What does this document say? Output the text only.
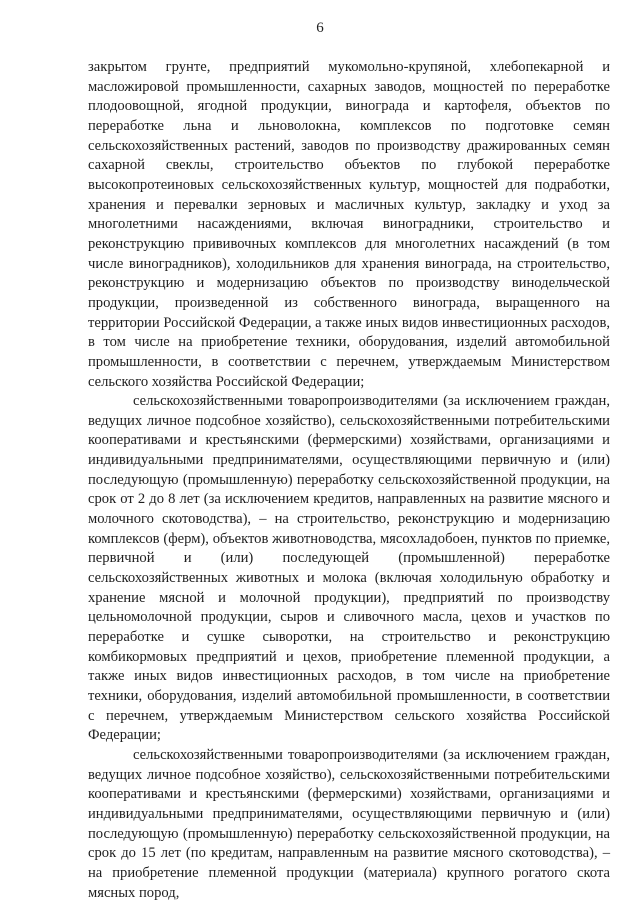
6

закрытом грунте, предприятий мукомольно-крупяной, хлебопекарной и масложировой промышленности, сахарных заводов, мощностей по переработке плодоовощной, ягодной продукции, винограда и картофеля, объектов по переработке льна и льноволокна, комплексов по подготовке семян сельскохозяйственных растений, заводов по производству дражированных семян сахарной свеклы, строительство объектов по глубокой переработке высокопротеиновых сельскохозяйственных культур, мощностей для подработки, хранения и перевалки зерновых и масличных культур, закладку и уход за многолетними насаждениями, включая виноградники, строительство и реконструкцию прививочных комплексов для многолетних насаждений (в том числе виноградников), холодильников для хранения винограда, на строительство, реконструкцию и модернизацию объектов по производству винодельческой продукции, произведенной из собственного винограда, выращенного на территории Российской Федерации, а также иных видов инвестиционных расходов, в том числе на приобретение техники, оборудования, изделий автомобильной промышленности, в соответствии с перечнем, утверждаемым Министерством сельского хозяйства Российской Федерации;

сельскохозяйственными товаропроизводителями (за исключением граждан, ведущих личное подсобное хозяйство), сельскохозяйственными потребительскими кооперативами и крестьянскими (фермерскими) хозяйствами, организациями и индивидуальными предпринимателями, осуществляющими первичную и (или) последующую (промышленную) переработку сельскохозяйственной продукции, на срок от 2 до 8 лет (за исключением кредитов, направленных на развитие мясного и молочного скотоводства), – на строительство, реконструкцию и модернизацию комплексов (ферм), объектов животноводства, мясохладобоен, пунктов по приемке, первичной и (или) последующей (промышленной) переработке сельскохозяйственных животных и молока (включая холодильную обработку и хранение мясной и молочной продукции), предприятий по производству цельномолочной продукции, сыров и сливочного масла, цехов и участков по переработке и сушке сыворотки, на строительство и реконструкцию комбикормовых предприятий и цехов, приобретение племенной продукции, а также иных видов инвестиционных расходов, в том числе на приобретение техники, оборудования, изделий автомобильной промышленности, в соответствии с перечнем, утверждаемым Министерством сельского хозяйства Российской Федерации;

сельскохозяйственными товаропроизводителями (за исключением граждан, ведущих личное подсобное хозяйство), сельскохозяйственными потребительскими кооперативами и крестьянскими (фермерскими) хозяйствами, организациями и индивидуальными предпринимателями, осуществляющими первичную и (или) последующую (промышленную) переработку сельскохозяйственной продукции, на срок до 15 лет (по кредитам, направленным на развитие мясного скотоводства), – на приобретение племенной продукции (материала) крупного рогатого скота мясных пород,
